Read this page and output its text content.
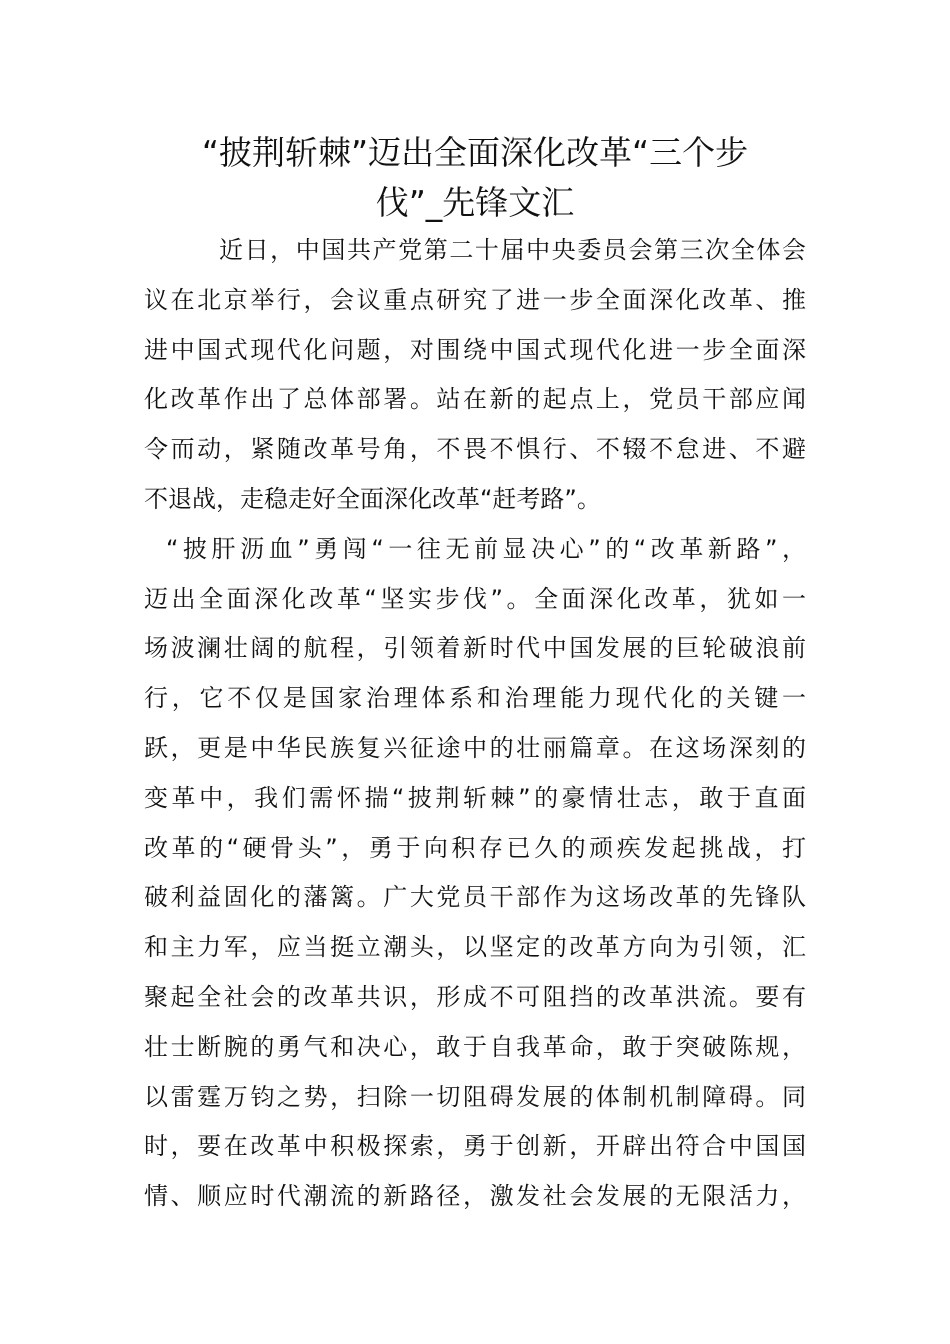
“披荆斩棘”迈出全面深化改革“三个步
伐”_先锋文汇
近日，中国共产党第二十届中央委员会第三次全体会
议在北京举行，会议重点研究了进一步全面深化改革、推
进中国式现代化问题，对围绕中国式现代化进一步全面深
化改革作出了总体部署。站在新的起点上，党员干部应闻
令而动，紧随改革号角，不畏不惧行、不辍不怠进、不避
不退战，走稳走好全面深化改革“赶考路”。
“披肝沥血”勇闯“一往无前显决心”的“改革新路”，
迈出全面深化改革“坚实步伐”。全面深化改革，犹如一
场波澜壮阔的航程，引领着新时代中国发展的巨轮破浪前
行，它不仅是国家治理体系和治理能力现代化的关键一
跃，更是中华民族复兴征途中的壮丽篇章。在这场深刻的
变革中，我们需怀揣“披荆斩棘”的豪情壮志，敢于直面
改革的“硬骨头”，勇于向积存已久的顽疾发起挑战，打
破利益固化的藩篱。广大党员干部作为这场改革的先锋队
和主力军，应当挺立潮头，以坚定的改革方向为引领，汇
聚起全社会的改革共识，形成不可阻挡的改革洪流。要有
壮士断腕的勇气和决心，敢于自我革命，敢于突破陈规，
以雷霆万钧之势，扫除一切阻碍发展的体制机制障碍。同
时，要在改革中积极探索，勇于创新，开辟出符合中国国
情、顺应时代潮流的新路径，激发社会发展的无限活力，
